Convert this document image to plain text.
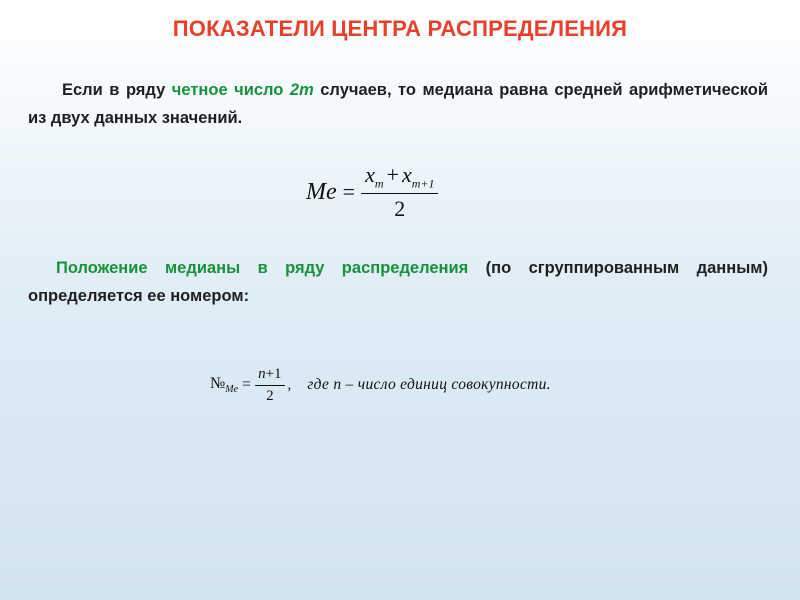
ПОКАЗАТЕЛИ ЦЕНТРА РАСПРЕДЕЛЕНИЯ
Если в ряду четное число 2m случаев, то медиана равна средней арифметической из двух данных значений.
$Me = \frac{x_m + x_{m+1}}{2}$
Положение медианы в ряду распределения (по сгруппированным данным) определяется ее номером:
$№_{Me} = \frac{n+1}{2}$ , где n – число единиц совокупности.
